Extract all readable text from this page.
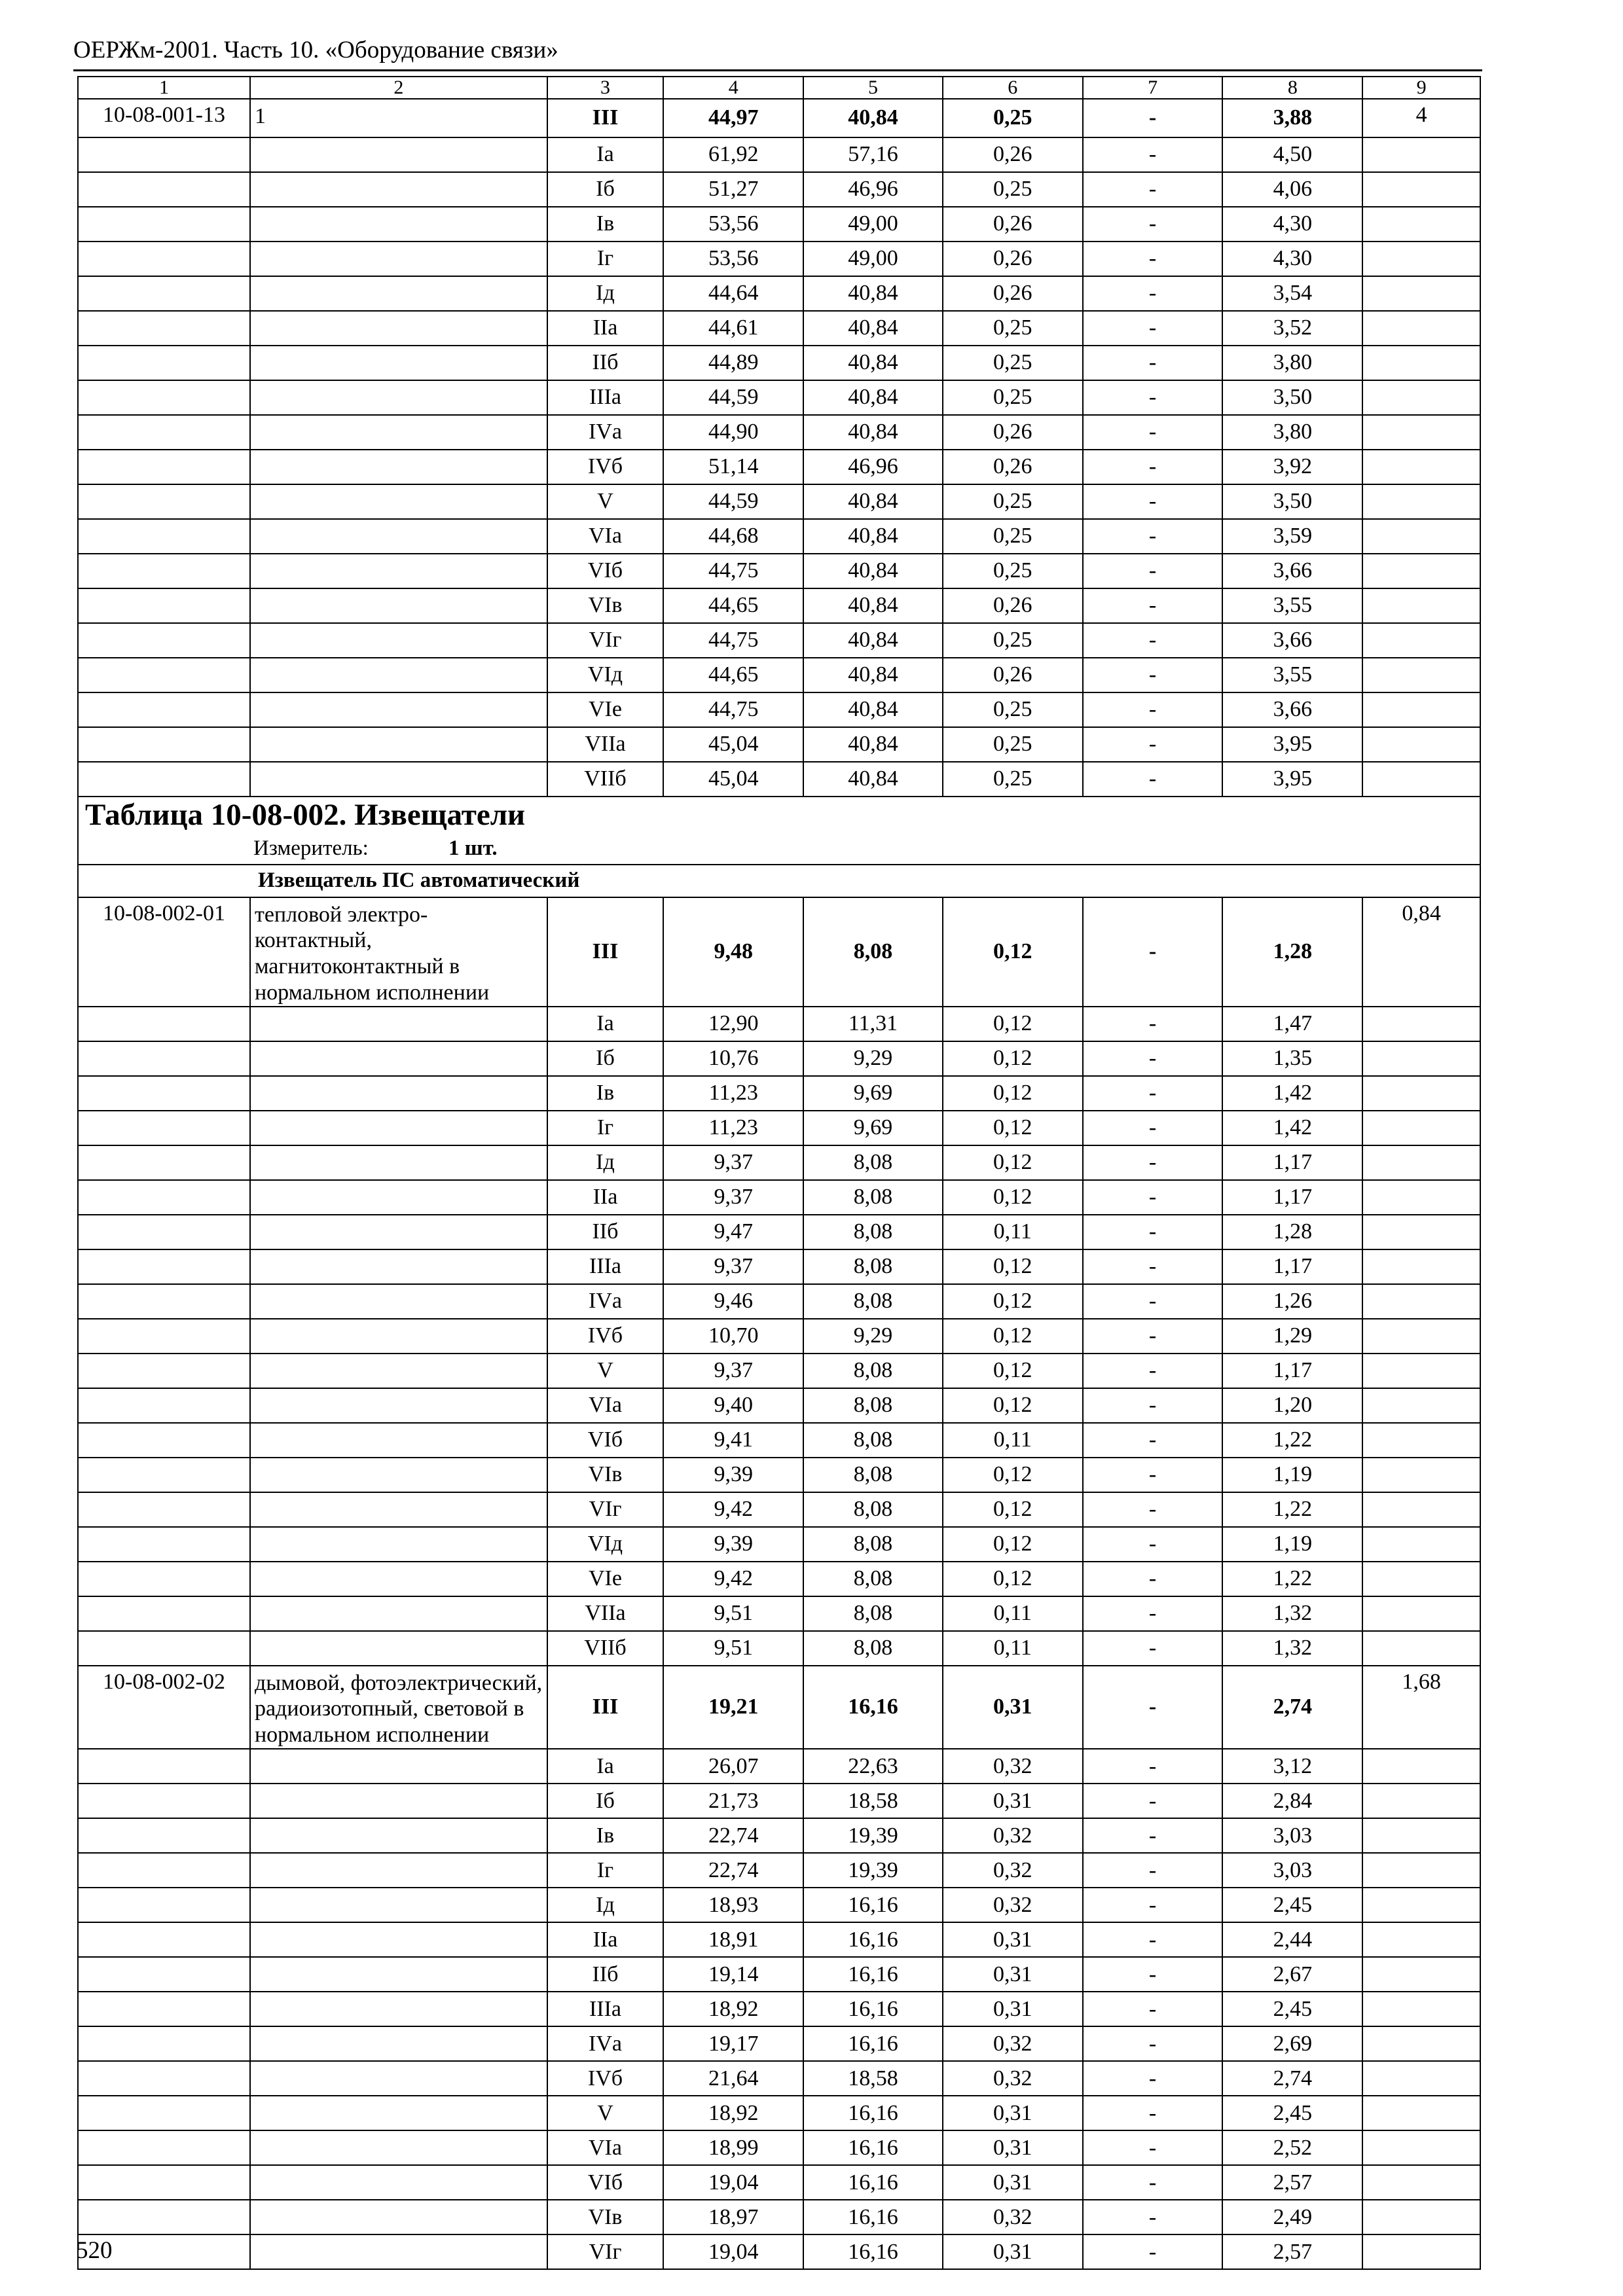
ОЕРЖм-2001. Часть 10. «Оборудование связи»
1	2	3	4	5	6	7	8	9
10-08-001-13	1	III	44,97	40,84	0,25	-	3,88	4
		Iа	61,92	57,16	0,26	-	4,50	
		Iб	51,27	46,96	0,25	-	4,06	
		Iв	53,56	49,00	0,26	-	4,30	
		Iг	53,56	49,00	0,26	-	4,30	
		Iд	44,64	40,84	0,26	-	3,54	
		IIа	44,61	40,84	0,25	-	3,52	
		IIб	44,89	40,84	0,25	-	3,80	
		IIIа	44,59	40,84	0,25	-	3,50	
		IVа	44,90	40,84	0,26	-	3,80	
		IVб	51,14	46,96	0,26	-	3,92	
		V	44,59	40,84	0,25	-	3,50	
		VIа	44,68	40,84	0,25	-	3,59	
		VIб	44,75	40,84	0,25	-	3,66	
		VIв	44,65	40,84	0,26	-	3,55	
		VIг	44,75	40,84	0,25	-	3,66	
		VIд	44,65	40,84	0,26	-	3,55	
		VIе	44,75	40,84	0,25	-	3,66	
		VIIа	45,04	40,84	0,25	-	3,95	
		VIIб	45,04	40,84	0,25	-	3,95	
Таблица 10-08-002. Извещатели								
Измеритель: 1 шт.								
Извещатель ПС автоматический								
10-08-002-01	тепловой электро-контактный, магнитоконтактный в нормальном исполнении	III	9,48	8,08	0,12	-	1,28	0,84
		Iа	12,90	11,31	0,12	-	1,47	
		Iб	10,76	9,29	0,12	-	1,35	
		Iв	11,23	9,69	0,12	-	1,42	
		Iг	11,23	9,69	0,12	-	1,42	
		Iд	9,37	8,08	0,12	-	1,17	
		IIа	9,37	8,08	0,12	-	1,17	
		IIб	9,47	8,08	0,11	-	1,28	
		IIIа	9,37	8,08	0,12	-	1,17	
		IVа	9,46	8,08	0,12	-	1,26	
		IVб	10,70	9,29	0,12	-	1,29	
		V	9,37	8,08	0,12	-	1,17	
		VIа	9,40	8,08	0,12	-	1,20	
		VIб	9,41	8,08	0,11	-	1,22	
		VIв	9,39	8,08	0,12	-	1,19	
		VIг	9,42	8,08	0,12	-	1,22	
		VIд	9,39	8,08	0,12	-	1,19	
		VIе	9,42	8,08	0,12	-	1,22	
		VIIа	9,51	8,08	0,11	-	1,32	
		VIIб	9,51	8,08	0,11	-	1,32	
10-08-002-02	дымовой, фотоэлектрический, радиоизотопный, световой в нормальном исполнении	III	19,21	16,16	0,31	-	2,74	1,68
		Iа	26,07	22,63	0,32	-	3,12	
		Iб	21,73	18,58	0,31	-	2,84	
		Iв	22,74	19,39	0,32	-	3,03	
		Iг	22,74	19,39	0,32	-	3,03	
		Iд	18,93	16,16	0,32	-	2,45	
		IIа	18,91	16,16	0,31	-	2,44	
		IIб	19,14	16,16	0,31	-	2,67	
		IIIа	18,92	16,16	0,31	-	2,45	
		IVа	19,17	16,16	0,32	-	2,69	
		IVб	21,64	18,58	0,32	-	2,74	
		V	18,92	16,16	0,31	-	2,45	
		VIа	18,99	16,16	0,31	-	2,52	
		VIб	19,04	16,16	0,31	-	2,57	
		VIв	18,97	16,16	0,32	-	2,49	
		VIг	19,04	16,16	0,31	-	2,57	
520
